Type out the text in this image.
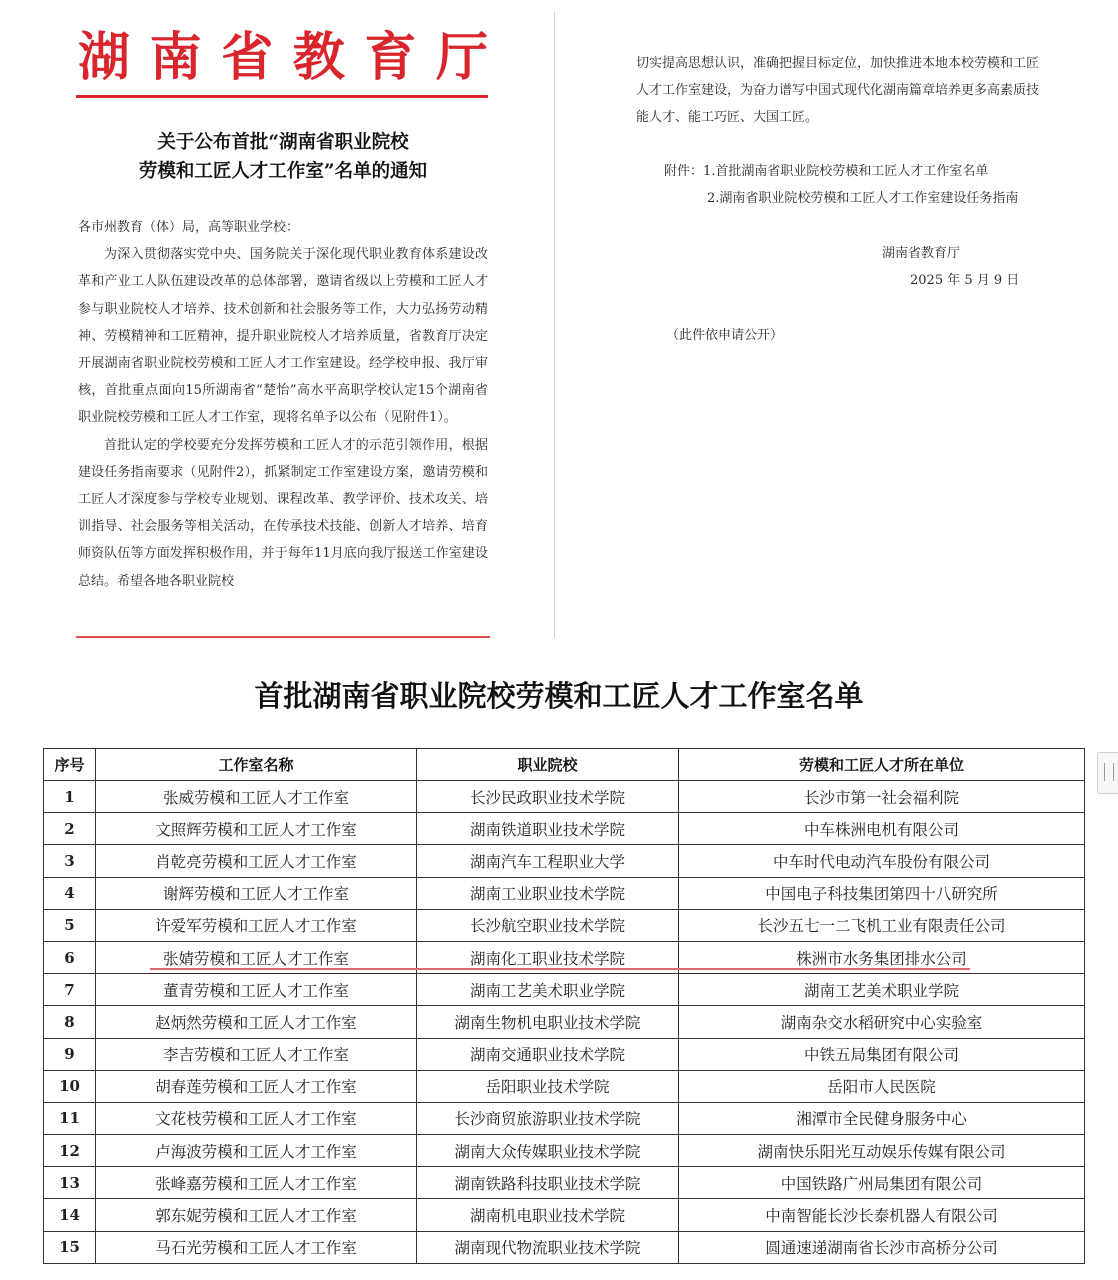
湖 南 省 教 育 厅
关于公布首批“湖南省职业院校
劳模和工匠人才工作室”名单的通知

各市州教育（体）局，高等职业学校：

为深入贯彻落实党中央、国务院关于深化现代职业教育体系建设改革和产业工人队伍建设改革的总体部署，邀请省级以上劳模和工匠人才参与职业院校人才培养、技术创新和社会服务等工作，大力弘扬劳动精神、劳模精神和工匠精神，提升职业院校人才培养质量，省教育厅决定开展湖南省职业院校劳模和工匠人才工作室建设。经学校申报、我厅审核，首批重点面向15所湖南省“楚怡”高水平高职学校认定15个湖南省职业院校劳模和工匠人才工作室，现将名单予以公布（见附件1）。

首批认定的学校要充分发挥劳模和工匠人才的示范引领作用，根据建设任务指南要求（见附件2），抓紧制定工作室建设方案，邀请劳模和工匠人才深度参与学校专业规划、课程改革、教学评价、技术攻关、培训指导、社会服务等相关活动，在传承技术技能、创新人才培养、培育师资队伍等方面发挥积极作用，并于每年11月底向我厅报送工作室建设总结。希望各地各职业院校

切实提高思想认识，准确把握目标定位，加快推进本地本校劳模和工匠人才工作室建设，为奋力谱写中国式现代化湖南篇章培养更多高素质技能人才、能工巧匠、大国工匠。

附件：1.首批湖南省职业院校劳模和工匠人才工作室名单
2.湖南省职业院校劳模和工匠人才工作室建设任务指南
湖南省教育厅
2025 年 5 月 9 日
（此件依申请公开）
首批湖南省职业院校劳模和工匠人才工作室名单
序号	工作室名称	职业院校	劳模和工匠人才所在单位
1	张威劳模和工匠人才工作室	长沙民政职业技术学院	长沙市第一社会福利院
2	文照辉劳模和工匠人才工作室	湖南铁道职业技术学院	中车株洲电机有限公司
3	肖乾亮劳模和工匠人才工作室	湖南汽车工程职业大学	中车时代电动汽车股份有限公司
4	谢辉劳模和工匠人才工作室	湖南工业职业技术学院	中国电子科技集团第四十八研究所
5	许爱军劳模和工匠人才工作室	长沙航空职业技术学院	长沙五七一二飞机工业有限责任公司
6	张婧劳模和工匠人才工作室	湖南化工职业技术学院	株洲市水务集团排水公司
7	董青劳模和工匠人才工作室	湖南工艺美术职业学院	湖南工艺美术职业学院
8	赵炳然劳模和工匠人才工作室	湖南生物机电职业技术学院	湖南杂交水稻研究中心实验室
9	李吉劳模和工匠人才工作室	湖南交通职业技术学院	中铁五局集团有限公司
10	胡春莲劳模和工匠人才工作室	岳阳职业技术学院	岳阳市人民医院
11	文花枝劳模和工匠人才工作室	长沙商贸旅游职业技术学院	湘潭市全民健身服务中心
12	卢海波劳模和工匠人才工作室	湖南大众传媒职业技术学院	湖南快乐阳光互动娱乐传媒有限公司
13	张峰嘉劳模和工匠人才工作室	湖南铁路科技职业技术学院	中国铁路广州局集团有限公司
14	郭东妮劳模和工匠人才工作室	湖南机电职业技术学院	中南智能长沙长泰机器人有限公司
15	马石光劳模和工匠人才工作室	湖南现代物流职业技术学院	圆通速递湖南省长沙市高桥分公司
